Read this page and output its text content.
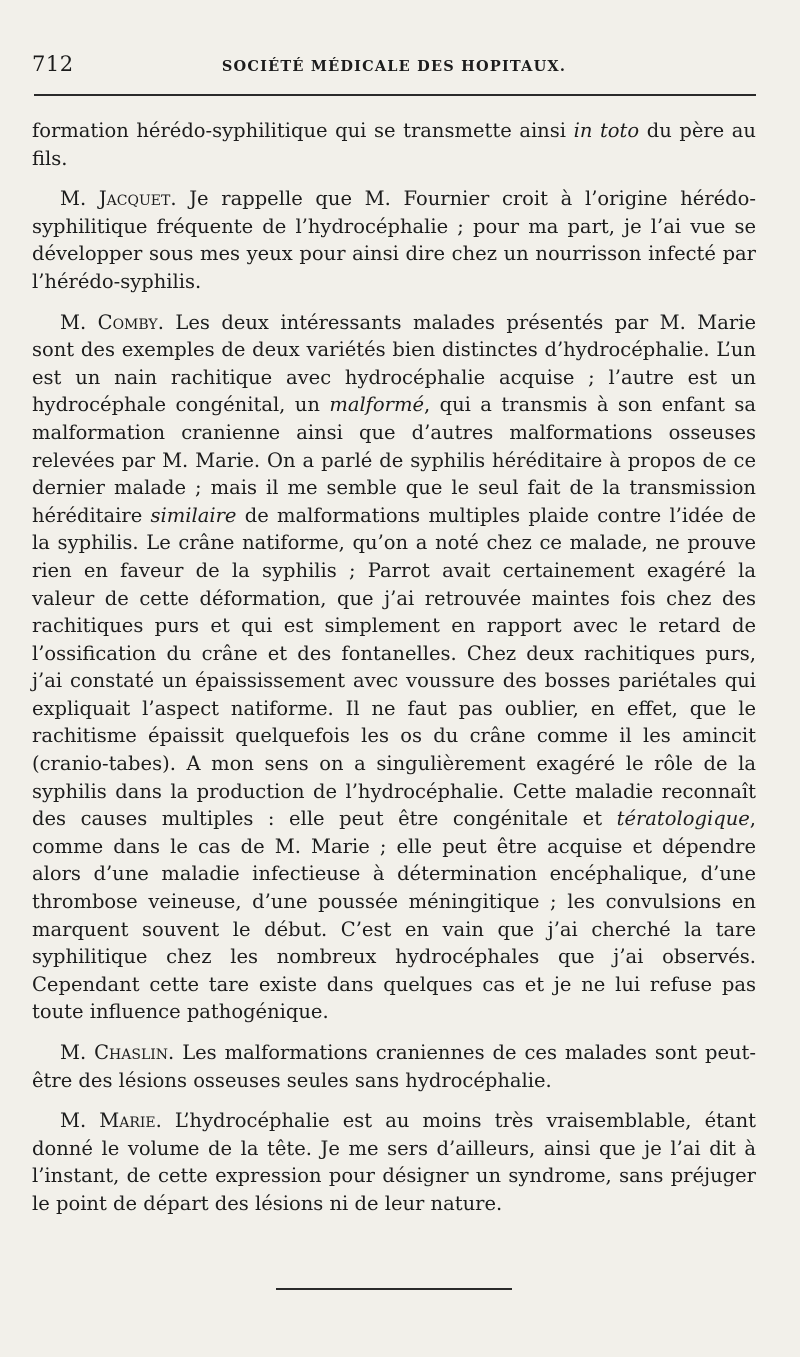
712	SOCIÉTÉ MÉDICALE DES HOPITAUX.

formation hérédo-syphilitique qui se transmette ainsi in toto du père au fils.

M. Jacquet. Je rappelle que M. Fournier croit à l’origine hérédo-syphilitique fréquente de l’hydrocéphalie ; pour ma part, je l’ai vue se développer sous mes yeux pour ainsi dire chez un nourrisson infecté par l’hérédo-syphilis.

M. Comby. Les deux intéressants malades présentés par M. Marie sont des exemples de deux variétés bien distinctes d’hydrocéphalie. L’un est un nain rachitique avec hydrocéphalie acquise ; l’autre est un hydrocéphale congénital, un malformé, qui a transmis à son enfant sa malformation cranienne ainsi que d’autres malformations osseuses relevées par M. Marie. On a parlé de syphilis héréditaire à propos de ce dernier malade ; mais il me semble que le seul fait de la transmission héréditaire similaire de malformations multiples plaide contre l’idée de la syphilis. Le crâne natiforme, qu’on a noté chez ce malade, ne prouve rien en faveur de la syphilis ; Parrot avait certainement exagéré la valeur de cette déformation, que j’ai retrouvée maintes fois chez des rachitiques purs et qui est simplement en rapport avec le retard de l’ossification du crâne et des fontanelles. Chez deux rachitiques purs, j’ai constaté un épaississement avec voussure des bosses pariétales qui expliquait l’aspect natiforme. Il ne faut pas oublier, en effet, que le rachitisme épaissit quelquefois les os du crâne comme il les amincit (cranio-tabes). A mon sens on a singulièrement exagéré le rôle de la syphilis dans la production de l’hydrocéphalie. Cette maladie reconnaît des causes multiples : elle peut être congénitale et tératologique, comme dans le cas de M. Marie ; elle peut être acquise et dépendre alors d’une maladie infectieuse à détermination encéphalique, d’une thrombose veineuse, d’une poussée méningitique ; les convulsions en marquent souvent le début. C’est en vain que j’ai cherché la tare syphilitique chez les nombreux hydrocéphales que j’ai observés. Cependant cette tare existe dans quelques cas et je ne lui refuse pas toute influence pathogénique.

M. Chaslin. Les malformations craniennes de ces malades sont peut-être des lésions osseuses seules sans hydrocéphalie.

M. Marie. L’hydrocéphalie est au moins très vraisemblable, étant donné le volume de la tête. Je me sers d’ailleurs, ainsi que je l’ai dit à l’instant, de cette expression pour désigner un syndrome, sans préjuger le point de départ des lésions ni de leur nature.
